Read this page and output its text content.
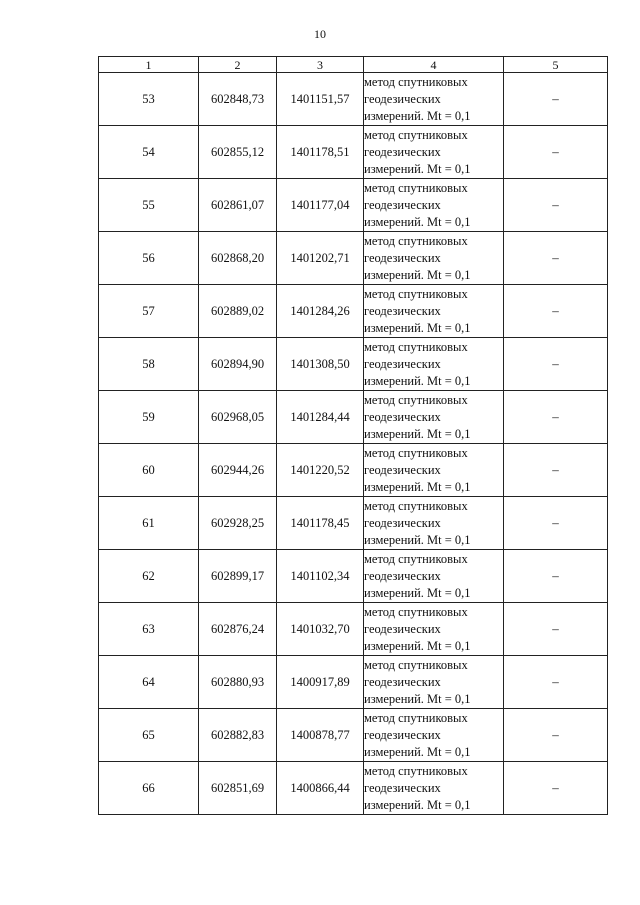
10
1	2	3	4	5
53	602848,73	1401151,57	метод спутниковых
геодезических
измерений. Mt = 0,1	–
54	602855,12	1401178,51	метод спутниковых
геодезических
измерений. Mt = 0,1	–
55	602861,07	1401177,04	метод спутниковых
геодезических
измерений. Mt = 0,1	–
56	602868,20	1401202,71	метод спутниковых
геодезических
измерений. Mt = 0,1	–
57	602889,02	1401284,26	метод спутниковых
геодезических
измерений. Mt = 0,1	–
58	602894,90	1401308,50	метод спутниковых
геодезических
измерений. Mt = 0,1	–
59	602968,05	1401284,44	метод спутниковых
геодезических
измерений. Mt = 0,1	–
60	602944,26	1401220,52	метод спутниковых
геодезических
измерений. Mt = 0,1	–
61	602928,25	1401178,45	метод спутниковых
геодезических
измерений. Mt = 0,1	–
62	602899,17	1401102,34	метод спутниковых
геодезических
измерений. Mt = 0,1	–
63	602876,24	1401032,70	метод спутниковых
геодезических
измерений. Mt = 0,1	–
64	602880,93	1400917,89	метод спутниковых
геодезических
измерений. Mt = 0,1	–
65	602882,83	1400878,77	метод спутниковых
геодезических
измерений. Mt = 0,1	–
66	602851,69	1400866,44	метод спутниковых
геодезических
измерений. Mt = 0,1	–
